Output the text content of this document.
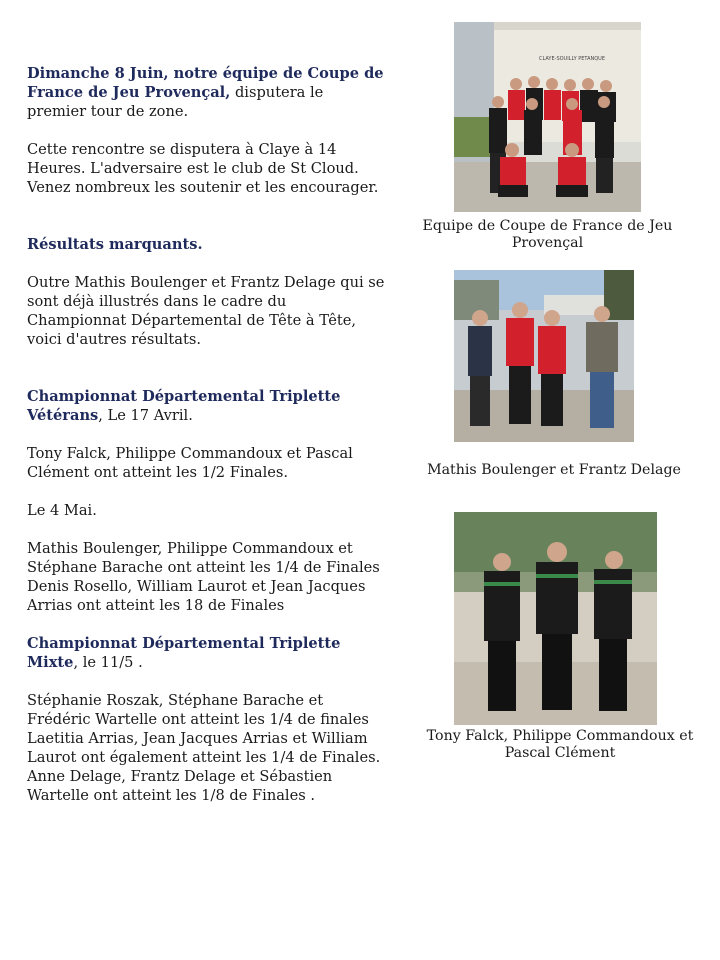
Dimanche 8 Juin, notre équipe de Coupe de France de Jeu Provençal, disputera le premier tour de zone.

Cette rencontre se disputera à Claye à 14 Heures. L'adversaire est le club de St Cloud. Venez nombreux les soutenir et les encourager.

Résultats marquants.

Outre Mathis Boulenger et Frantz Delage qui se sont déjà illustrés dans le cadre du Championnat Départemental de Tête à Tête, voici d'autres résultats.

Championnat Départemental Triplette Vétérans, Le 17 Avril.

Tony Falck, Philippe Commandoux et Pascal Clément ont atteint les 1/2 Finales.

Le 4 Mai.

Mathis Boulenger, Philippe Commandoux et Stéphane Barache ont atteint les 1/4 de Finales

Denis Rosello, William Laurot et Jean Jacques Arrias ont atteint les 18 de Finales

Championnat Départemental Triplette Mixte, le 11/5 .

Stéphanie Roszak, Stéphane Barache et Frédéric Wartelle ont atteint les 1/4 de finales

Laetitia Arrias, Jean Jacques Arrias et William Laurot ont également atteint les 1/4 de Finales.

Anne Delage, Frantz Delage et Sébastien Wartelle ont atteint les 1/8 de Finales .

CLAYE-SOUILLY PETANQUE
Equipe de Coupe de France de Jeu Provençal
Mathis Boulenger et Frantz Delage
Tony Falck, Philippe Commandoux et Pascal Clément
